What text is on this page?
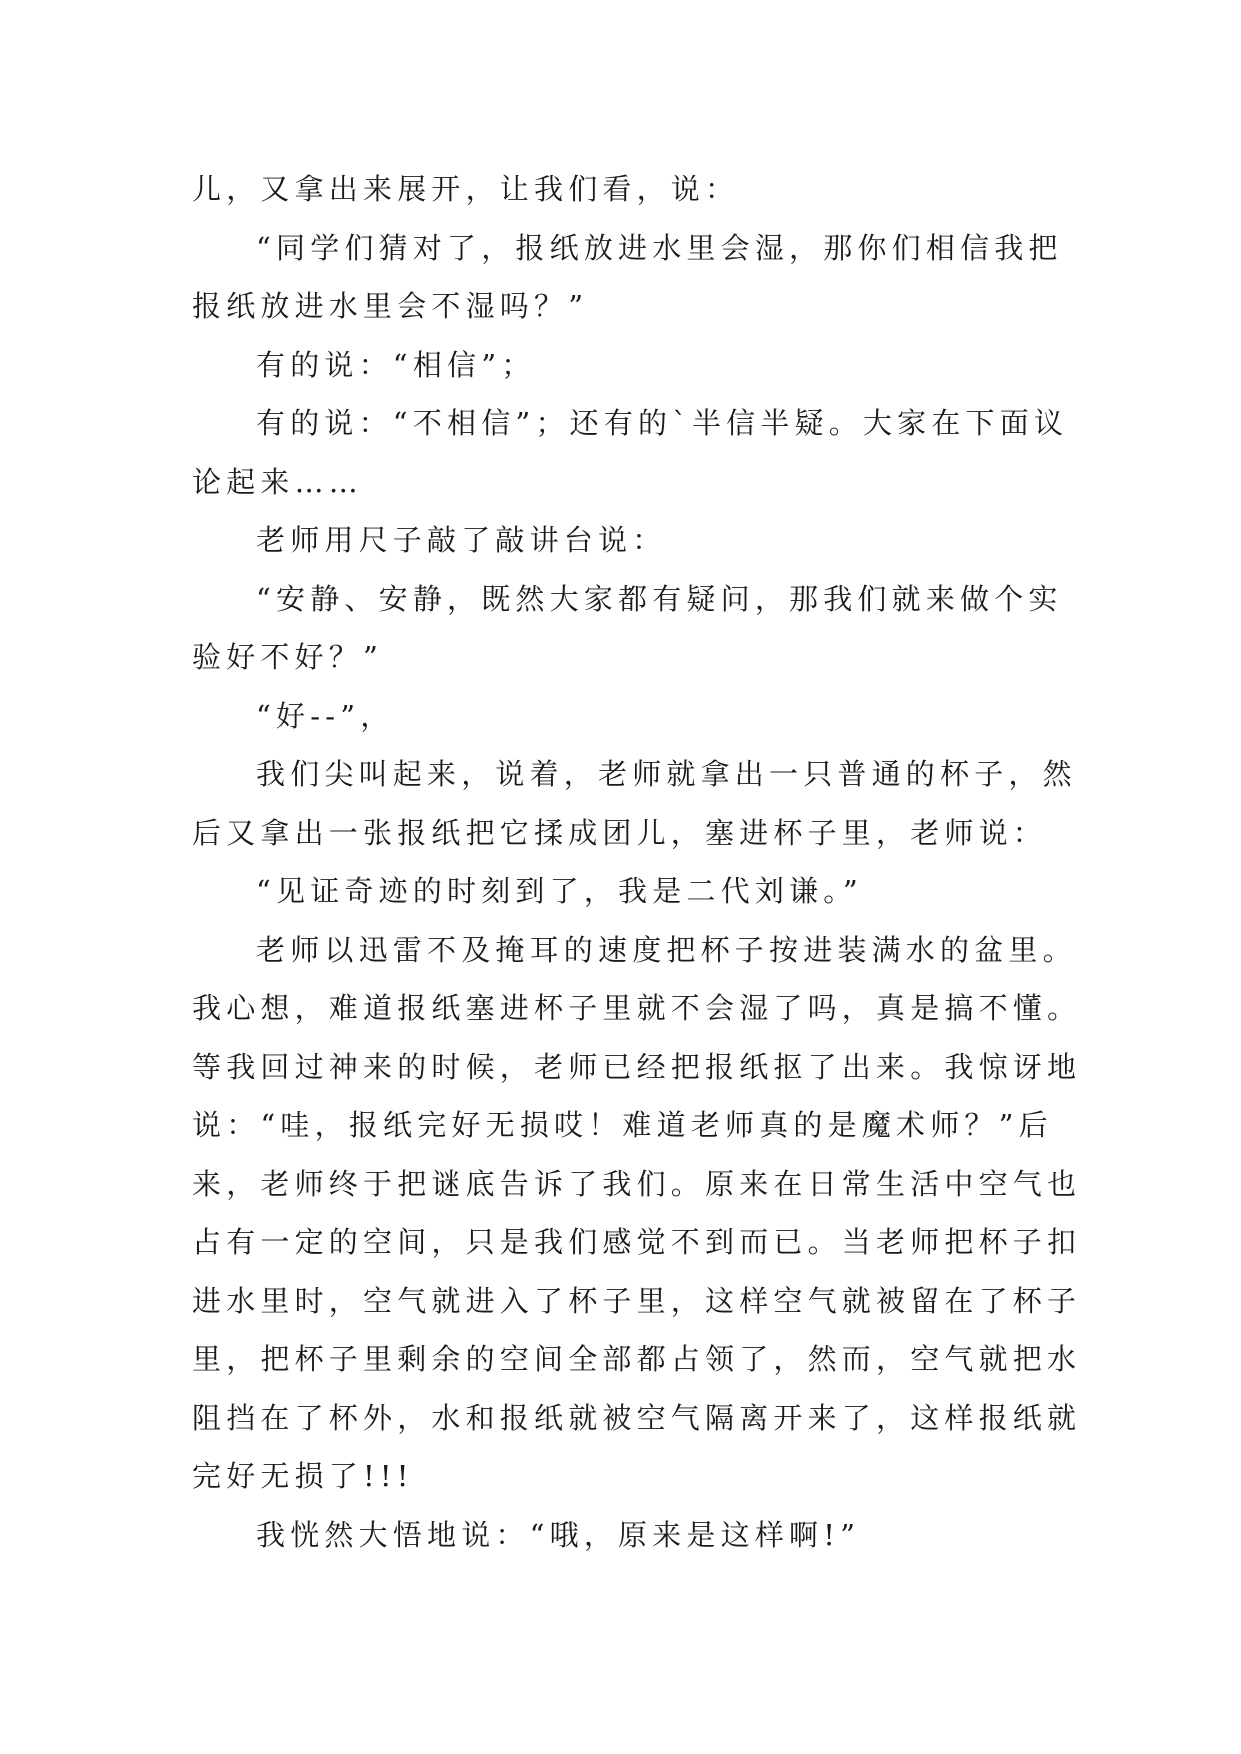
儿，又拿出来展开，让我们看，说：
“同学们猜对了，报纸放进水里会湿，那你们相信我把
报纸放进水里会不湿吗？”
有的说：“相信”；
有的说：“不相信”；还有的`半信半疑。大家在下面议
论起来……
老师用尺子敲了敲讲台说：
“安静、安静，既然大家都有疑问，那我们就来做个实
验好不好？”
“好--”，
我们尖叫起来，说着，老师就拿出一只普通的杯子，然
后又拿出一张报纸把它揉成团儿，塞进杯子里，老师说：
“见证奇迹的时刻到了，我是二代刘谦。”
老师以迅雷不及掩耳的速度把杯子按进装满水的盆里。
我心想，难道报纸塞进杯子里就不会湿了吗，真是搞不懂。
等我回过神来的时候，老师已经把报纸抠了出来。我惊讶地
说：“哇，报纸完好无损哎！难道老师真的是魔术师？”后
来，老师终于把谜底告诉了我们。原来在日常生活中空气也
占有一定的空间，只是我们感觉不到而已。当老师把杯子扣
进水里时，空气就进入了杯子里，这样空气就被留在了杯子
里，把杯子里剩余的空间全部都占领了，然而，空气就把水
阻挡在了杯外，水和报纸就被空气隔离开来了，这样报纸就
完好无损了!!!
我恍然大悟地说：“哦，原来是这样啊!”
